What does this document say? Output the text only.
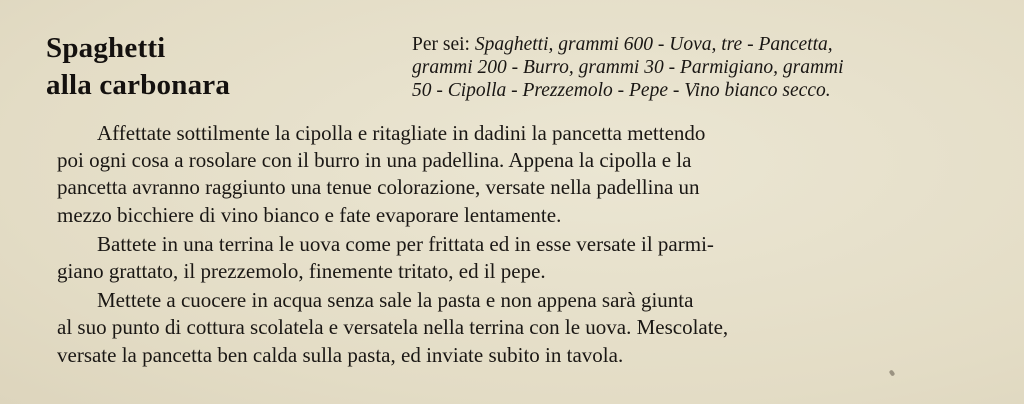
Spaghetti
alla carbonara
Per sei: Spaghetti, grammi 600 - Uova, tre - Pancetta,
grammi 200 - Burro, grammi 30 - Parmigiano, grammi
50 - Cipolla - Prezzemolo - Pepe - Vino bianco secco.

Affettate sottilmente la cipolla e ritagliate in dadini la pancetta mettendo
poi ogni cosa a rosolare con il burro in una padellina. Appena la cipolla e la
pancetta avranno raggiunto una tenue colorazione, versate nella padellina un
mezzo bicchiere di vino bianco e fate evaporare lentamente.

Battete in una terrina le uova come per frittata ed in esse versate il parmi-
giano grattato, il prezzemolo, finemente tritato, ed il pepe.

Mettete a cuocere in acqua senza sale la pasta e non appena sarà giunta
al suo punto di cottura scolatela e versatela nella terrina con le uova. Mescolate,
versate la pancetta ben calda sulla pasta, ed inviate subito in tavola.
